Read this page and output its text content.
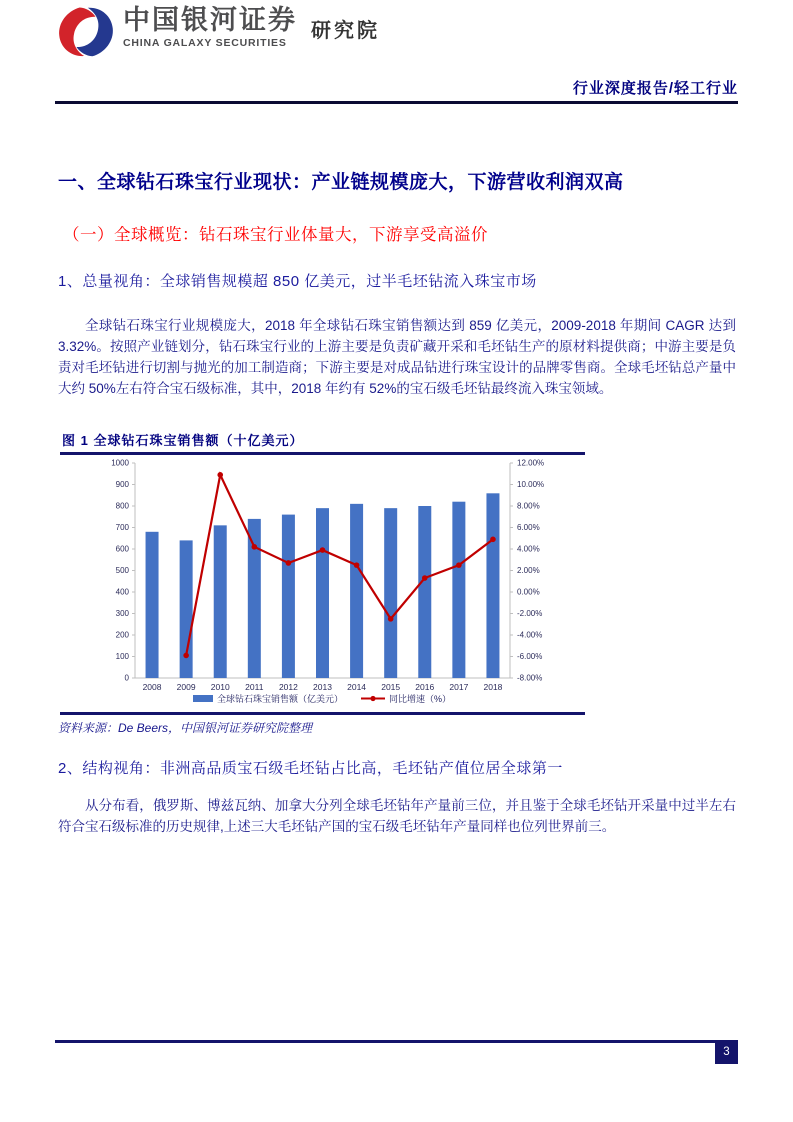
中国银河证券
CHINA GALAXY SECURITIES
研究院
行业深度报告/轻工行业
一、全球钻石珠宝行业现状：产业链规模庞大，下游营收利润双高
（一）全球概览：钻石珠宝行业体量大，下游享受高溢价
1、总量视角：全球销售规模超 850 亿美元，过半毛坯钻流入珠宝市场
全球钻石珠宝行业规模庞大，2018 年全球钻石珠宝销售额达到 859 亿美元，2009-2018 年期间 CAGR 达到 3.32%。按照产业链划分，钻石珠宝行业的上游主要是负责矿藏开采和毛坯钻生产的原材料提供商；中游主要是负责对毛坯钻进行切割与抛光的加工制造商；下游主要是对成品钻进行珠宝设计的品牌零售商。全球毛坯钻总产量中大约 50%左右符合宝石级标准，其中，2018 年约有 52%的宝石级毛坯钻最终流入珠宝领域。
图 1 全球钻石珠宝销售额（十亿美元）
0
100
200
300
400
500
600
700
800
900
1000
-8.00%
-6.00%
-4.00%
-2.00%
0.00%
2.00%
4.00%
6.00%
8.00%
10.00%
12.00%
2008 2009 2010 2011 2012 2013 2014 2015 2016 2017 2018
全球钻石珠宝销售额（亿美元）	同比增速（%）
资料来源：De Beers，中国银河证券研究院整理
2、结构视角：非洲高品质宝石级毛坯钻占比高，毛坯钻产值位居全球第一
从分布看，俄罗斯、博兹瓦纳、加拿大分列全球毛坯钻年产量前三位，并且鉴于全球毛坯钻开采量中过半左右符合宝石级标准的历史规律,上述三大毛坯钻产国的宝石级毛坯钻年产量同样也位列世界前三。
3
